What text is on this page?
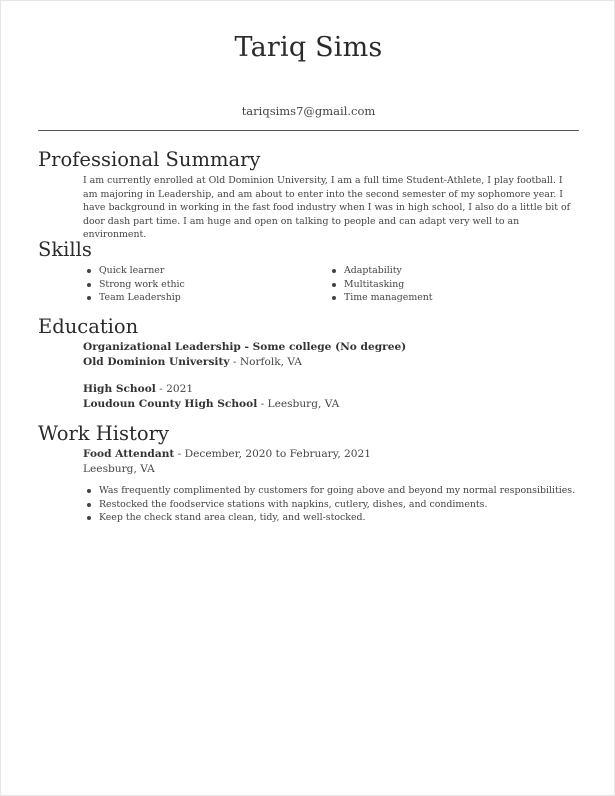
Tariq Sims
tariqsims7@gmail.com
Professional Summary
I am currently enrolled at Old Dominion University, I am a full time Student-Athlete, I play football. I am majoring in Leadership, and am about to enter into the second semester of my sophomore year. I have background in working in the fast food industry when I was in high school, I also do a little bit of door dash part time. I am huge and open on talking to people and can adapt very well to an environment.
Skills
Quick learner
Strong work ethic
Team Leadership
Adaptability
Multitasking
Time management
Education
Organizational Leadership - Some college (No degree)
Old Dominion University - Norfolk, VA
High School - 2021
Loudoun County High School - Leesburg, VA
Work History
Food Attendant - December, 2020 to February, 2021
Leesburg, VA
Was frequently complimented by customers for going above and beyond my normal responsibilities.
Restocked the foodservice stations with napkins, cutlery, dishes, and condiments.
Keep the check stand area clean, tidy, and well-stocked.
